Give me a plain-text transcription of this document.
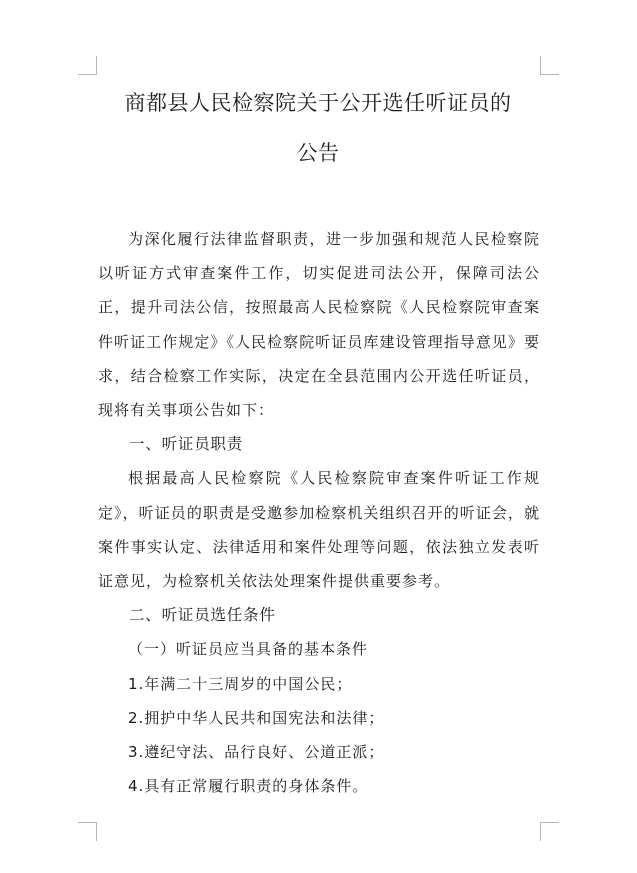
商都县人民检察院关于公开选任听证员的
公告

为深化履行法律监督职责，进一步加强和规范人民检察院以听证方式审查案件工作，切实促进司法公开，保障司法公正，提升司法公信，按照最高人民检察院《人民检察院审查案件听证工作规定》《人民检察院听证员库建设管理指导意见》要求，结合检察工作实际，决定在全县范围内公开选任听证员，现将有关事项公告如下：

一、听证员职责

根据最高人民检察院《人民检察院审查案件听证工作规定》，听证员的职责是受邀参加检察机关组织召开的听证会，就案件事实认定、法律适用和案件处理等问题，依法独立发表听证意见，为检察机关依法处理案件提供重要参考。

二、听证员选任条件

（一）听证员应当具备的基本条件

1.年满二十三周岁的中国公民；

2.拥护中华人民共和国宪法和法律；

3.遵纪守法、品行良好、公道正派；

4.具有正常履行职责的身体条件。
